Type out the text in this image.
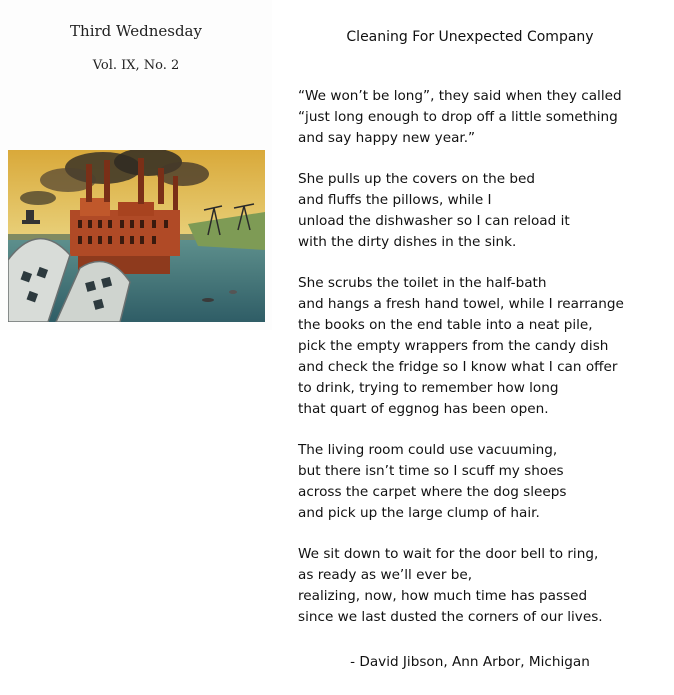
Third Wednesday
Vol. IX, No. 2
Cleaning For Unexpected Company
“We won’t be long”, they said when they called
“just long enough to drop off a little something
and say happy new year.”
She pulls up the covers on the bed
and fluffs the pillows, while I
unload the dishwasher so I can reload it
with the dirty dishes in the sink.
She scrubs the toilet in the half-bath
and hangs a fresh hand towel, while I rearrange
the books on the end table into a neat pile,
pick the empty wrappers from the candy dish
and check the fridge so I know what I can offer
to drink, trying to remember how long
that quart of eggnog has been open.
The living room could use vacuuming,
but there isn’t time so I scuff my shoes
across the carpet where the dog sleeps
and pick up the large clump of hair.
We sit down to wait for the door bell to ring,
as ready as we’ll ever be,
realizing, now, how much time has passed
since we last dusted the corners of our lives.
- David Jibson, Ann Arbor, Michigan
